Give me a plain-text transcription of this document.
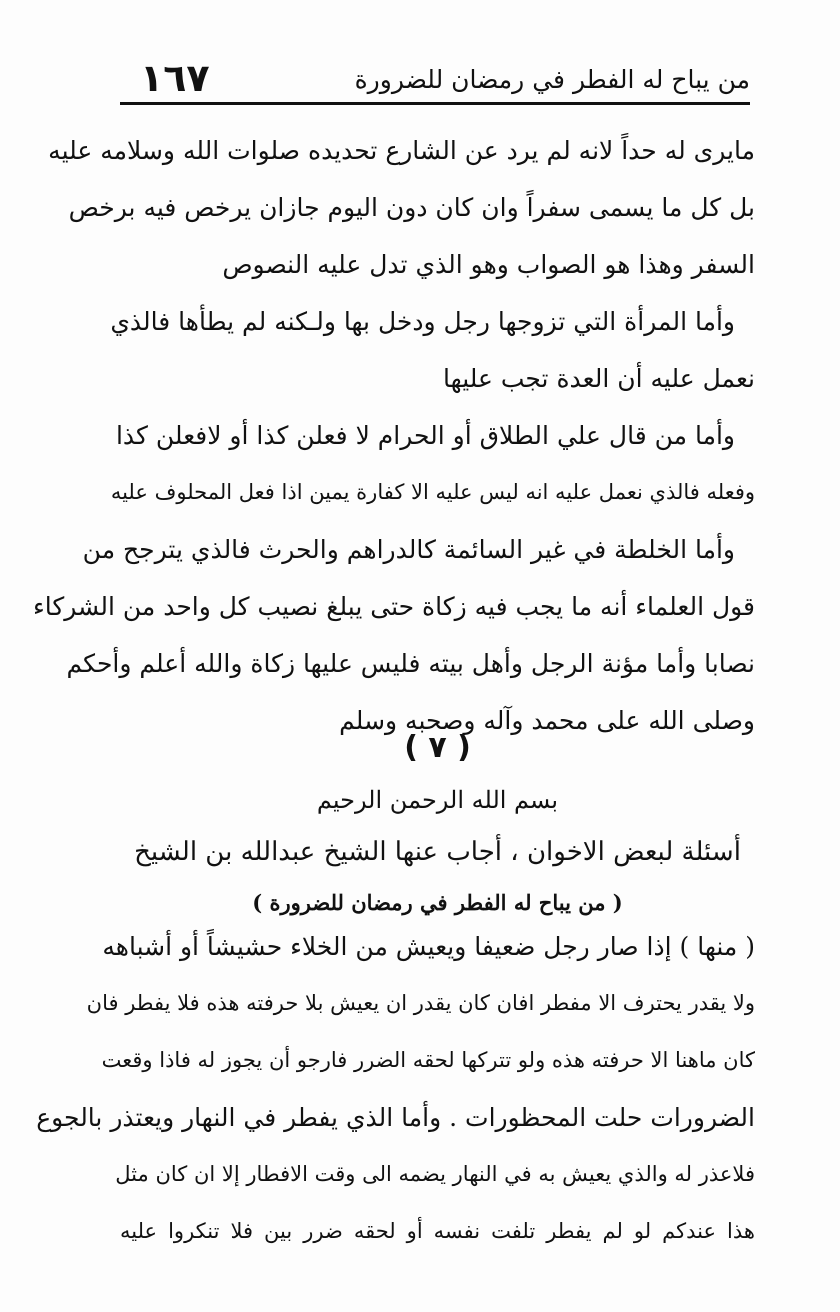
١٦٧	من يباح له الفطر في رمضان للضرورة
مايرى له حداً لانه لم يرد عن الشارع تحديده صلوات الله وسلامه عليه
بل كل ما يسمى سفراً وان كان دون اليوم جازان يرخص فيه برخص
السفر وهذا هو الصواب وهو الذي تدل عليه النصوص
وأما المرأة التي تزوجها رجل ودخل بها ولـكنه لم يطأها فالذي
نعمل عليه أن العدة تجب عليها
وأما من قال علي الطلاق أو الحرام لا فعلن كذا أو لافعلن كذا
وفعله فالذي نعمل عليه انه ليس عليه الا كفارة يمين اذا فعل المحلوف عليه
وأما الخلطة في غير السائمة كالدراهم والحرث فالذي يترجح من
قول العلماء أنه ما يجب فيه زكاة حتى يبلغ نصيب كل واحد من الشركاء
نصابا وأما مؤنة الرجل وأهل بيته فليس عليها زكاة والله أعلم وأحكم
وصلى الله على محمد وآله وصحبه وسلم
( ٧ )
بسم الله الرحمن الرحيم
أسئلة لبعض الاخوان ، أجاب عنها الشيخ عبدالله بن الشيخ
( من يباح له الفطر في رمضان للضرورة )
( منها ) إذا صار رجل ضعيفا ويعيش من الخلاء حشيشاً أو أشباهه
ولا يقدر يحترف الا مفطر افان كان يقدر ان يعيش بلا حرفته هذه فلا يفطر فان
كان ماهنا الا حرفته هذه ولو تتركها لحقه الضرر فارجو أن يجوز له فاذا وقعت
الضرورات حلت المحظورات . وأما الذي يفطر في النهار ويعتذر بالجوع
فلاعذر له والذي يعيش به في النهار يضمه الى وقت الافطار إلا ان كان مثل
هذا عندكم لو لم يفطر تلفت نفسه أو لحقه ضرر بين فلا تنكروا عليه
